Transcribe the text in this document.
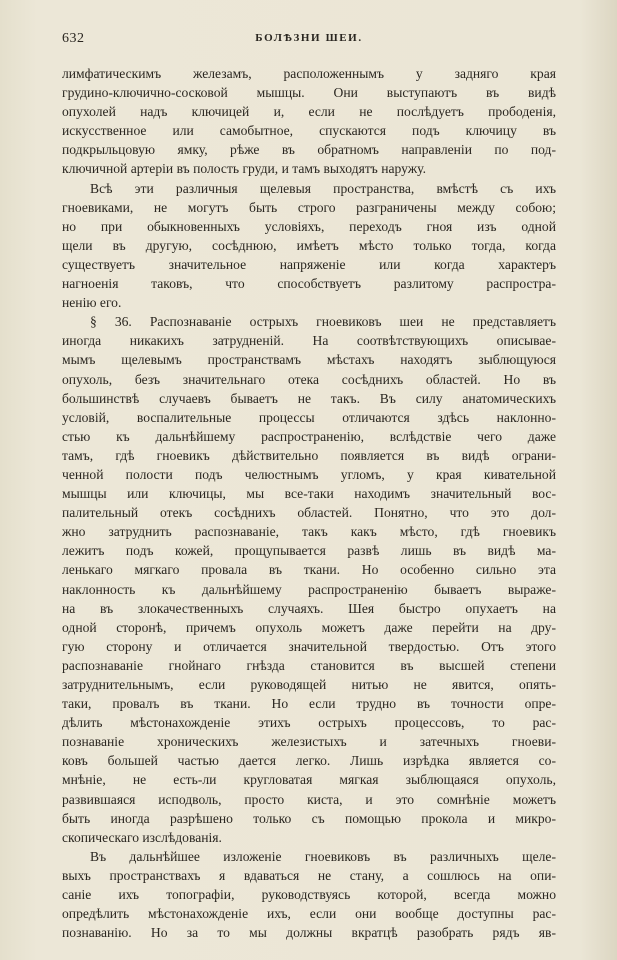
632	БОЛѢЗНИ ШЕИ.
лимфатическимъ железамъ, расположеннымъ у задняго края
грудино-ключично-сосковой мышцы. Они выступаютъ въ видѣ
опухолей надъ ключицей и, если не послѣдуетъ прободенія,
искусственное или самобытное, спускаются подъ ключицу въ
подкрыльцовую ямку, рѣже въ обратномъ направленіи по под-
ключичной артеріи въ полость груди, и тамъ выходятъ наружу.
Всѣ эти различныя щелевыя пространства, вмѣстѣ съ ихъ
гноевиками, не могутъ быть строго разграничены между собою;
но при обыкновенныхъ условіяхъ, переходъ гноя изъ одной
щели въ другую, сосѣднюю, имѣетъ мѣсто только тогда, когда
существуетъ значительное напряженіе или когда характеръ
нагноенія таковъ, что способствуетъ разлитому распростра-
ненію его.
§ 36. Распознаваніе острыхъ гноевиковъ шеи не представляетъ
иногда никакихъ затрудненій. На соотвѣтствующихъ описывае-
мымъ щелевымъ пространствамъ мѣстахъ находятъ зыблющуюся
опухоль, безъ значительнаго отека сосѣднихъ областей. Но въ
большинствѣ случаевъ бываетъ не такъ. Въ силу анатомическихъ
условій, воспалительные процессы отличаются здѣсь наклонно-
стью къ дальнѣйшему распространенію, вслѣдствіе чего даже
тамъ, гдѣ гноевикъ дѣйствительно появляется въ видѣ ограни-
ченной полости подъ челюстнымъ угломъ, у края кивательной
мышцы или ключицы, мы все-таки находимъ значительный вос-
палительный отекъ сосѣднихъ областей. Понятно, что это дол-
жно затруднить распознаваніе, такъ какъ мѣсто, гдѣ гноевикъ
лежитъ подъ кожей, прощупывается развѣ лишь въ видѣ ма-
ленькаго мягкаго провала въ ткани. Но особенно сильно эта
наклонность къ дальнѣйшему распространенію бываетъ выраже-
на въ злокачественныхъ случаяхъ. Шея быстро опухаетъ на
одной сторонѣ, причемъ опухоль можетъ даже перейти на дру-
гую сторону и отличается значительной твердостью. Отъ этого
распознаваніе гнойнаго гнѣзда становится въ высшей степени
затруднительнымъ, если руководящей нитью не явится, опять-
таки, провалъ въ ткани. Но если трудно въ точности опре-
дѣлить мѣстонахожденіе этихъ острыхъ процессовъ, то рас-
познаваніе хроническихъ железистыхъ и затечныхъ гноеви-
ковъ большей частью дается легко. Лишь изрѣдка является со-
мнѣніе, не есть-ли кругловатая мягкая зыблющаяся опухоль,
развившаяся исподволь, просто киста, и это сомнѣніе можетъ
быть иногда разрѣшено только съ помощью прокола и микро-
скопическаго изслѣдованія.
Въ дальнѣйшее изложеніе гноевиковъ въ различныхъ щеле-
выхъ пространствахъ я вдаваться не стану, а сошлюсь на опи-
саніе ихъ топографіи, руководствуясь которой, всегда можно
опредѣлить мѣстонахожденіе ихъ, если они вообще доступны рас-
познаванію. Но за то мы должны вкратцѣ разобрать рядъ яв-
